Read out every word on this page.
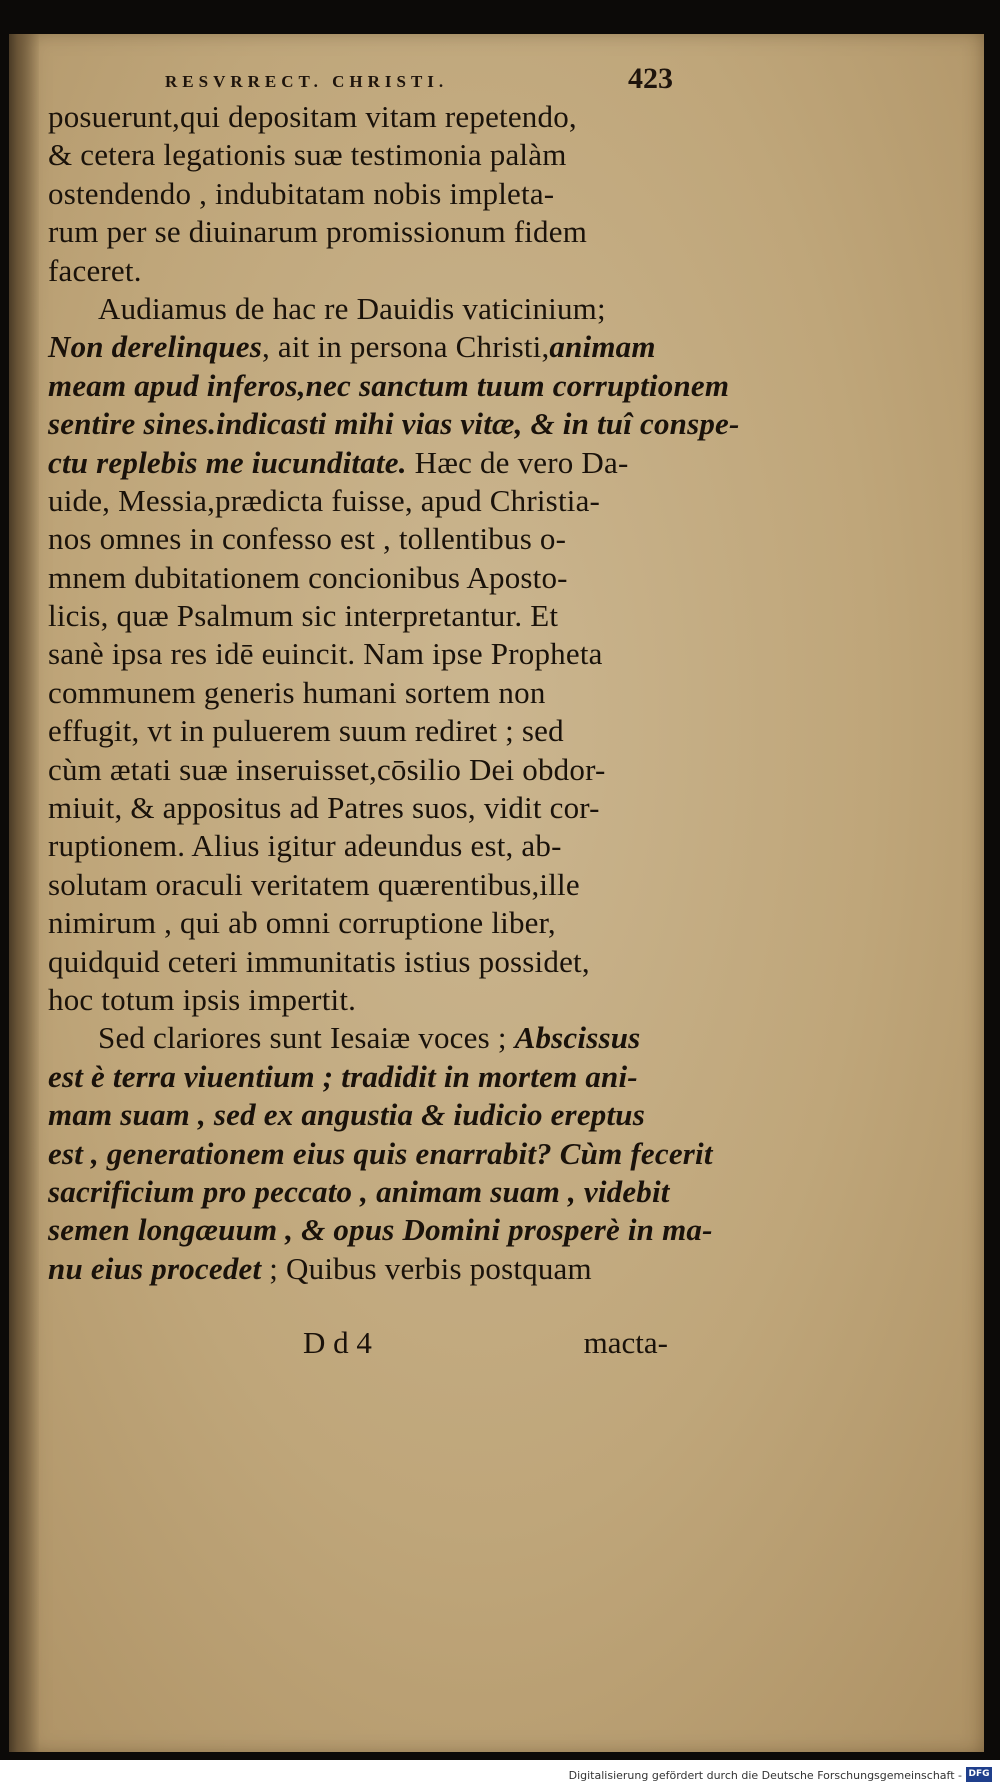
RESVRRECT. CHRISTI.	423
posuerunt,qui depositam vitam repetendo,
& cetera legationis suæ testimonia palàm
ostendendo , indubitatam nobis impleta-
rum per se diuinarum promissionum fidem
faceret.
Audiamus de hac re Dauidis vaticinium;
Non derelinques, ait in persona Christi,animam
meam apud inferos,nec sanctum tuum corruptionem
sentire sines.indicasti mihi vias vitæ, & in tuî conspe-
ctu replebis me iucunditate. Hæc de vero Da-
uide, Messia,prædicta fuisse, apud Christia-
nos omnes in confesso est , tollentibus o-
mnem dubitationem concionibus Aposto-
licis, quæ Psalmum sic interpretantur. Et
sanè ipsa res idē euincit. Nam ipse Propheta
communem generis humani sortem non
effugit, vt in puluerem suum rediret ; sed
cùm ætati suæ inseruisset,cōsilio Dei obdor-
miuit, & appositus ad Patres suos, vidit cor-
ruptionem. Alius igitur adeundus est, ab-
solutam oraculi veritatem quærentibus,ille
nimirum , qui ab omni corruptione liber,
quidquid ceteri immunitatis istius possidet,
hoc totum ipsis impertit.
Sed clariores sunt Iesaiæ voces ; Abscissus
est è terra viuentium ; tradidit in mortem ani-
mam suam , sed ex angustia & iudicio ereptus
est , generationem eius quis enarrabit? Cùm fecerit
sacrificium pro peccato , animam suam , videbit
semen longæuum , & opus Domini prosperè in ma-
nu eius procedet ; Quibus verbis postquam
D d 4	macta-
Digitalisierung gefördert durch die Deutsche Forschungsgemeinschaft - DFG
